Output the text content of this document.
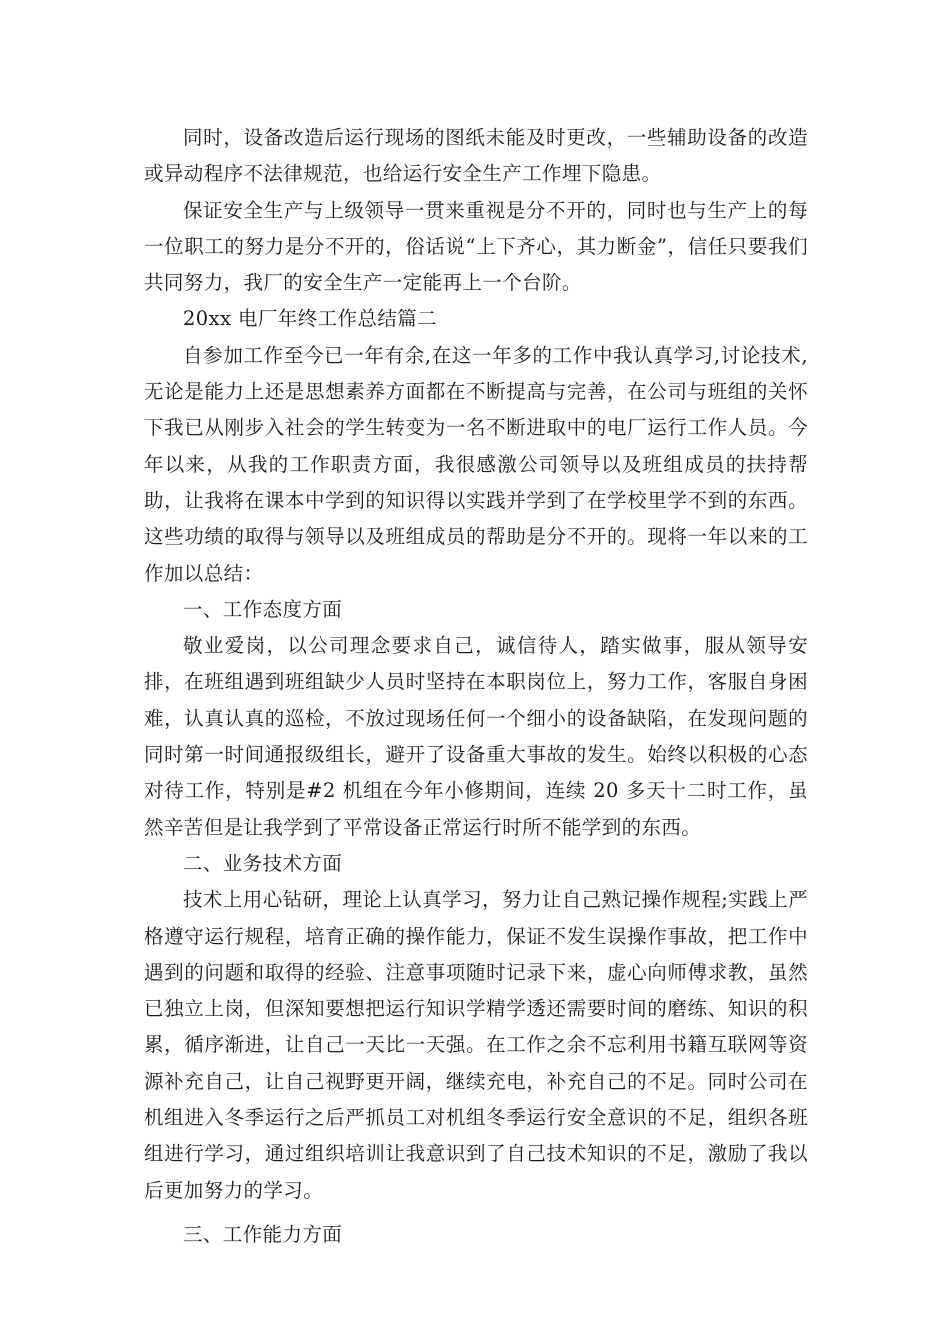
同时，设备改造后运行现场的图纸未能及时更改，一些辅助设备的改造或异动程序不法律规范，也给运行安全生产工作埋下隐患。

保证安全生产与上级领导一贯来重视是分不开的，同时也与生产上的每一位职工的努力是分不开的，俗话说“上下齐心，其力断金”，信任只要我们共同努力，我厂的安全生产一定能再上一个台阶。

20xx 电厂年终工作总结篇二

自参加工作至今已一年有余,在这一年多的工作中我认真学习,讨论技术,无论是能力上还是思想素养方面都在不断提高与完善，在公司与班组的关怀下我已从刚步入社会的学生转变为一名不断进取中的电厂运行工作人员。今年以来，从我的工作职责方面，我很感激公司领导以及班组成员的扶持帮助，让我将在课本中学到的知识得以实践并学到了在学校里学不到的东西。这些功绩的取得与领导以及班组成员的帮助是分不开的。现将一年以来的工作加以总结：

一、工作态度方面

敬业爱岗，以公司理念要求自己，诚信待人，踏实做事，服从领导安排，在班组遇到班组缺少人员时坚持在本职岗位上，努力工作，客服自身困难，认真认真的巡检，不放过现场任何一个细小的设备缺陷，在发现问题的同时第一时间通报级组长，避开了设备重大事故的发生。始终以积极的心态对待工作，特别是#2 机组在今年小修期间，连续 20 多天十二时工作，虽然辛苦但是让我学到了平常设备正常运行时所不能学到的东西。

二、业务技术方面

技术上用心钻研，理论上认真学习，努力让自己熟记操作规程;实践上严格遵守运行规程，培育正确的操作能力，保证不发生误操作事故，把工作中遇到的问题和取得的经验、注意事项随时记录下来，虚心向师傅求教，虽然已独立上岗，但深知要想把运行知识学精学透还需要时间的磨练、知识的积累，循序渐进，让自己一天比一天强。在工作之余不忘利用书籍互联网等资源补充自己，让自己视野更开阔，继续充电，补充自己的不足。同时公司在机组进入冬季运行之后严抓员工对机组冬季运行安全意识的不足，组织各班组进行学习，通过组织培训让我意识到了自己技术知识的不足，激励了我以后更加努力的学习。

三、工作能力方面
